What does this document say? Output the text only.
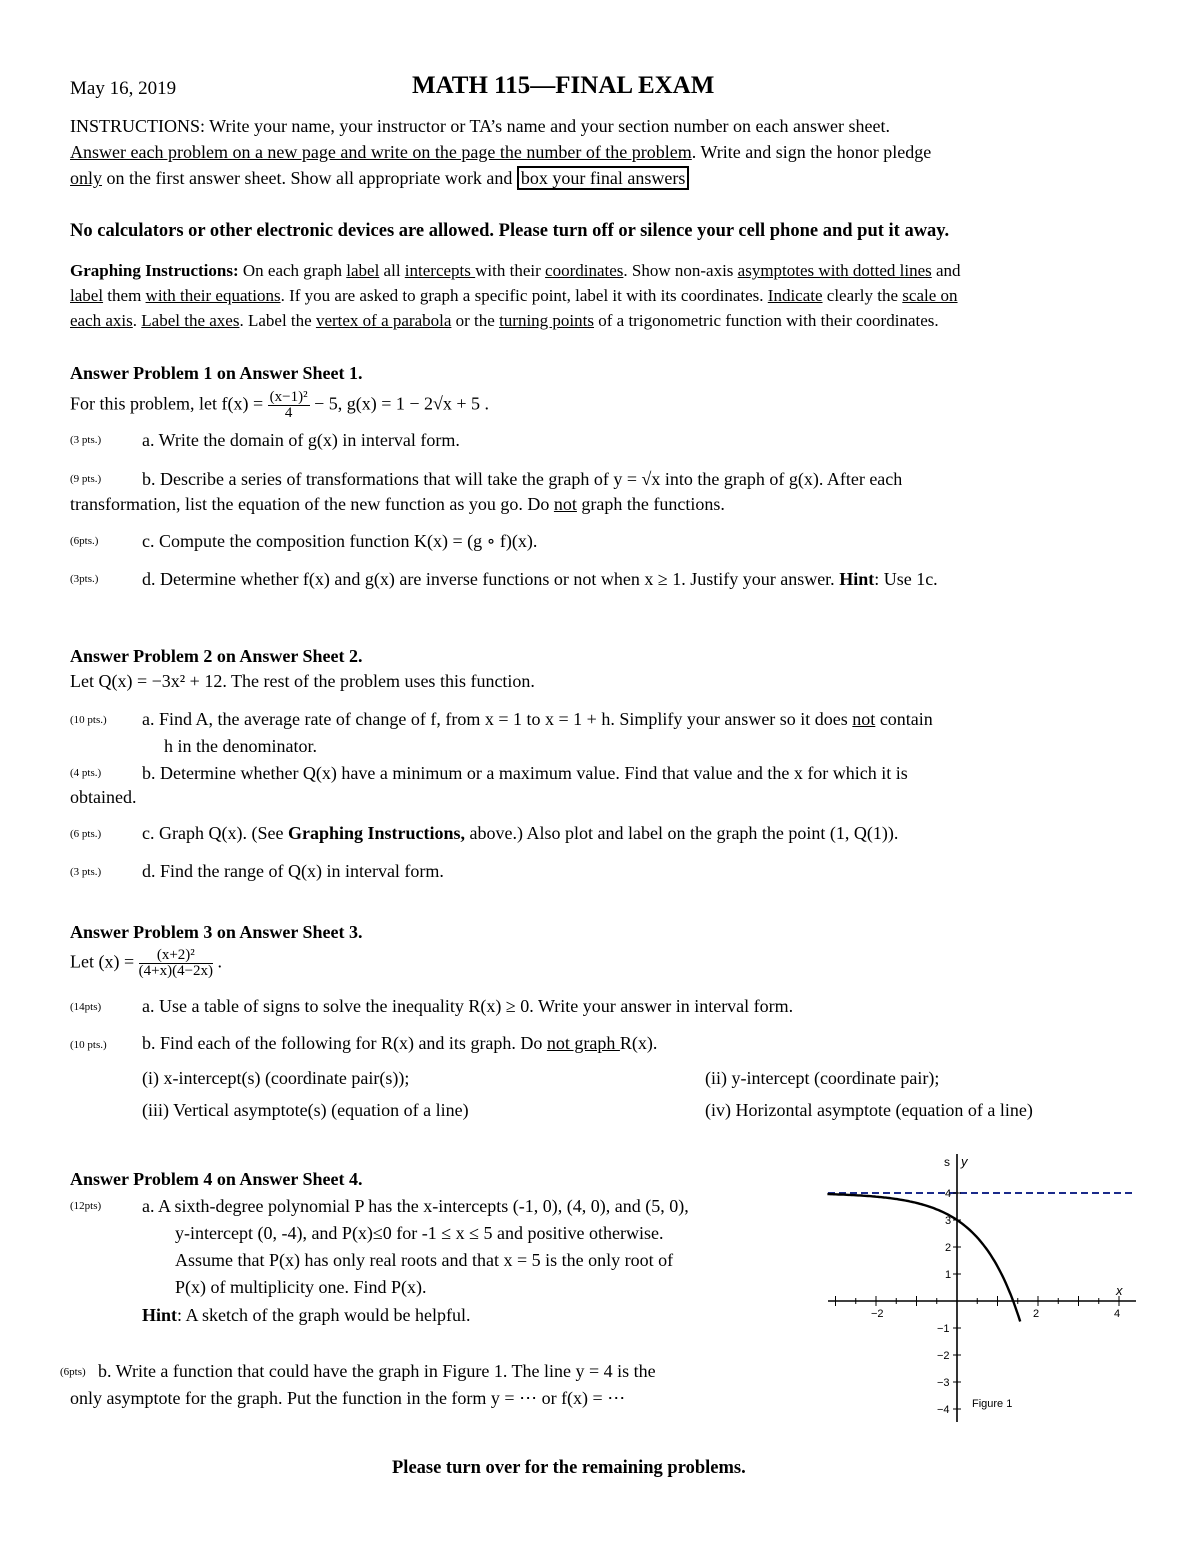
May 16, 2019	MATH 115—FINAL EXAM
INSTRUCTIONS: Write your name, your instructor or TA’s name and your section number on each answer sheet.
Answer each problem on a new page and write on the page the number of the problem. Write and sign the honor pledge
only on the first answer sheet. Show all appropriate work and box your final answers
No calculators or other electronic devices are allowed. Please turn off or silence your cell phone and put it away.
Graphing Instructions: On each graph label all intercepts with their coordinates. Show non-axis asymptotes with dotted lines and
label them with their equations. If you are asked to graph a specific point, label it with its coordinates. Indicate clearly the scale on
each axis. Label the axes. Label the vertex of a parabola or the turning points of a trigonometric function with their coordinates.
Answer Problem 1 on Answer Sheet 1.
For this problem, let $f(x) = \frac{\text{(x−1)²}}{4} - 5$, g(x) = 1 − 2√x + 5 .
(3 pts.) a. Write the domain of g(x) in interval form.
(9 pts.) b. Describe a series of transformations that will take the graph of y = √x into the graph of g(x). After each
transformation, list the equation of the new function as you go. Do not graph the functions.
(6pts.) c. Compute the composition function K(x) = (g ∘ f)(x).
(3pts.) d. Determine whether f(x) and g(x) are inverse functions or not when x ≥ 1. Justify your answer. Hint: Use 1c.
Answer Problem 2 on Answer Sheet 2.
Let Q(x) = −3x² + 12. The rest of the problem uses this function.
(10 pts.) a. Find A, the average rate of change of f, from x = 1 to x = 1 + h. Simplify your answer so it does not contain
h in the denominator.
(4 pts.) b. Determine whether Q(x) have a minimum or a maximum value. Find that value and the x for which it is
obtained.
(6 pts.) c. Graph Q(x). (See Graphing Instructions, above.) Also plot and label on the graph the point (1, Q(1)).
(3 pts.) d. Find the range of Q(x) in interval form.
Answer Problem 3 on Answer Sheet 3.
Let $(x) = \frac{\text{(x+2)²}}{(4+x)(4-2x)}$ .
(14pts) a. Use a table of signs to solve the inequality R(x) ≥ 0. Write your answer in interval form.
(10 pts.) b. Find each of the following for R(x) and its graph. Do not graph R(x).
(i) x-intercept(s) (coordinate pair(s));	(ii) y-intercept (coordinate pair);
(iii) Vertical asymptote(s) (equation of a line)	(iv) Horizontal asymptote (equation of a line)
Answer Problem 4 on Answer Sheet 4.
(12pts) a. A sixth-degree polynomial P has the x-intercepts (-1, 0), (4, 0), and (5, 0),
y-intercept (0, -4), and P(x)≤0 for -1 ≤ x ≤ 5 and positive otherwise.
Assume that P(x) has only real roots and that x = 5 is the only root of
P(x) of multiplicity one. Find P(x).
Hint: A sketch of the graph would be helpful.
(6pts) b. Write a function that could have the graph in Figure 1. The line y = 4 is the
only asymptote for the graph. Put the function in the form y = ⋯ or f(x) = ⋯
−2	2	4
−4
−3
−2
−1
1
2
3
4
s y
x
Figure 1
Please turn over for the remaining problems.
